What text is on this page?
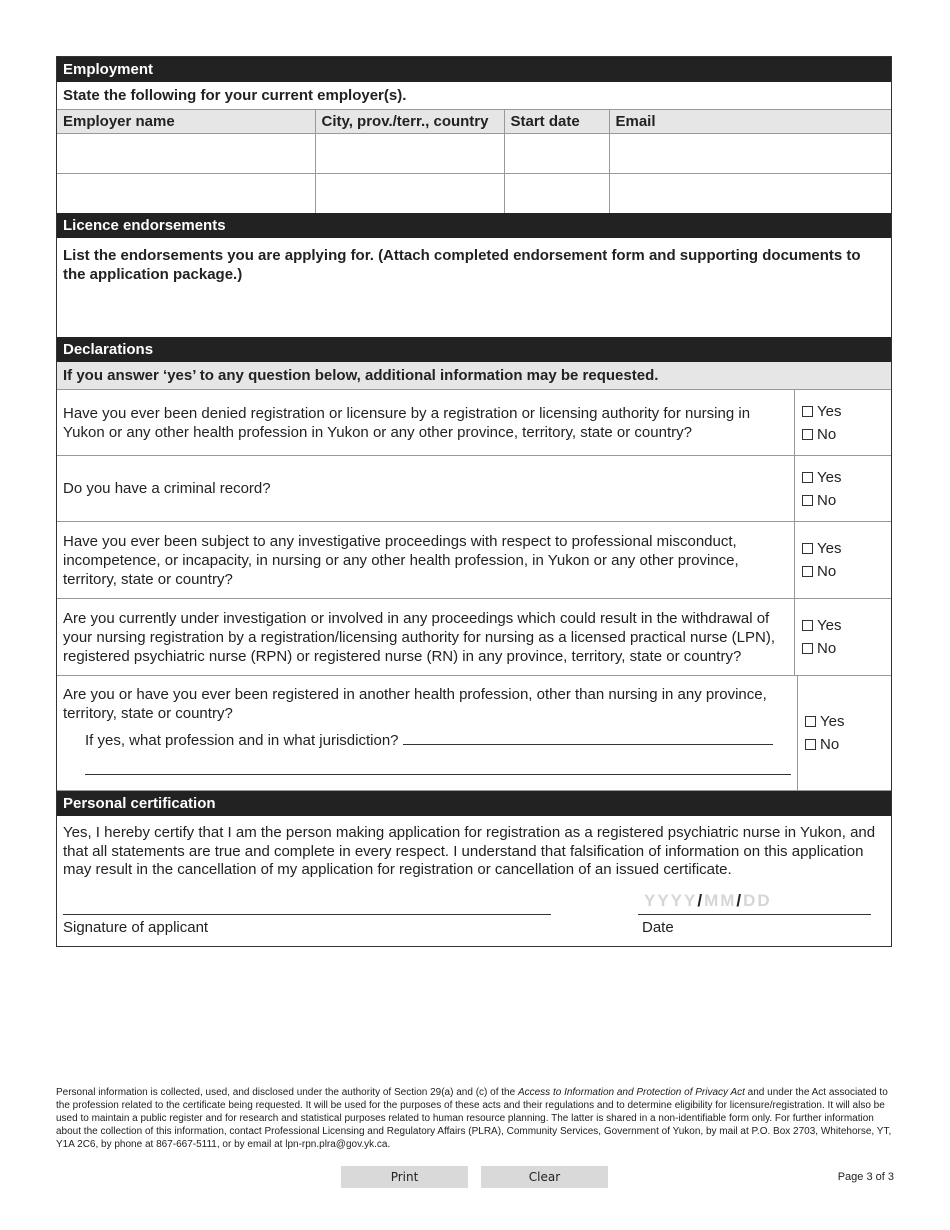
Employment
State the following for your current employer(s).
Employer name	City, prov./terr., country	Start date	Email

Licence endorsements
List the endorsements you are applying for. (Attach completed endorsement form and supporting documents to the application package.)
Declarations
If you answer ‘yes’ to any question below, additional information may be requested.
Have you ever been denied registration or licensure by a registration or licensing authority for nursing in Yukon or any other health profession in Yukon or any other province, territory, state or country?
Yes
No
Do you have a criminal record?
Yes
No
Have you ever been subject to any investigative proceedings with respect to professional misconduct, incompetence, or incapacity, in nursing or any other health profession, in Yukon or any other province, territory, state or country?
Yes
No
Are you currently under investigation or involved in any proceedings which could result in the withdrawal of your nursing registration by a registration/licensing authority for nursing as a licensed practical nurse (LPN), registered psychiatric nurse (RPN) or registered nurse (RN) in any province, territory, state or country?
Yes
No
Are you or have you ever been registered in another health profession, other than nursing in any province, territory, state or country?
If yes, what profession and in what jurisdiction?
Yes
No
Personal certification
Yes, I hereby certify that I am the person making application for registration as a registered psychiatric nurse in Yukon, and that all statements are true and complete in every respect. I understand that falsification of information on this application may result in the cancellation of my application for registration or cancellation of an issued certificate.
Signature of applicant
YYYY/MM/DD
Date
Personal information is collected, used, and disclosed under the authority of Section 29(a) and (c) of the Access to Information and Protection of Privacy Act and under the Act associated to the profession related to the certificate being requested. It will be used for the purposes of these acts and their regulations and to determine eligibility for licensure/registration. It will also be used to maintain a public register and for research and statistical purposes related to human resource planning. The latter is shared in a non-identifiable form only. For further information about the collection of this information, contact Professional Licensing and Regulatory Affairs (PLRA), Community Services, Government of Yukon, by mail at P.O. Box 2703, Whitehorse, YT, Y1A 2C6, by phone at 867-667-5111, or by email at lpn-rpn.plra@gov.yk.ca.
Print	Clear	Page 3 of 3
